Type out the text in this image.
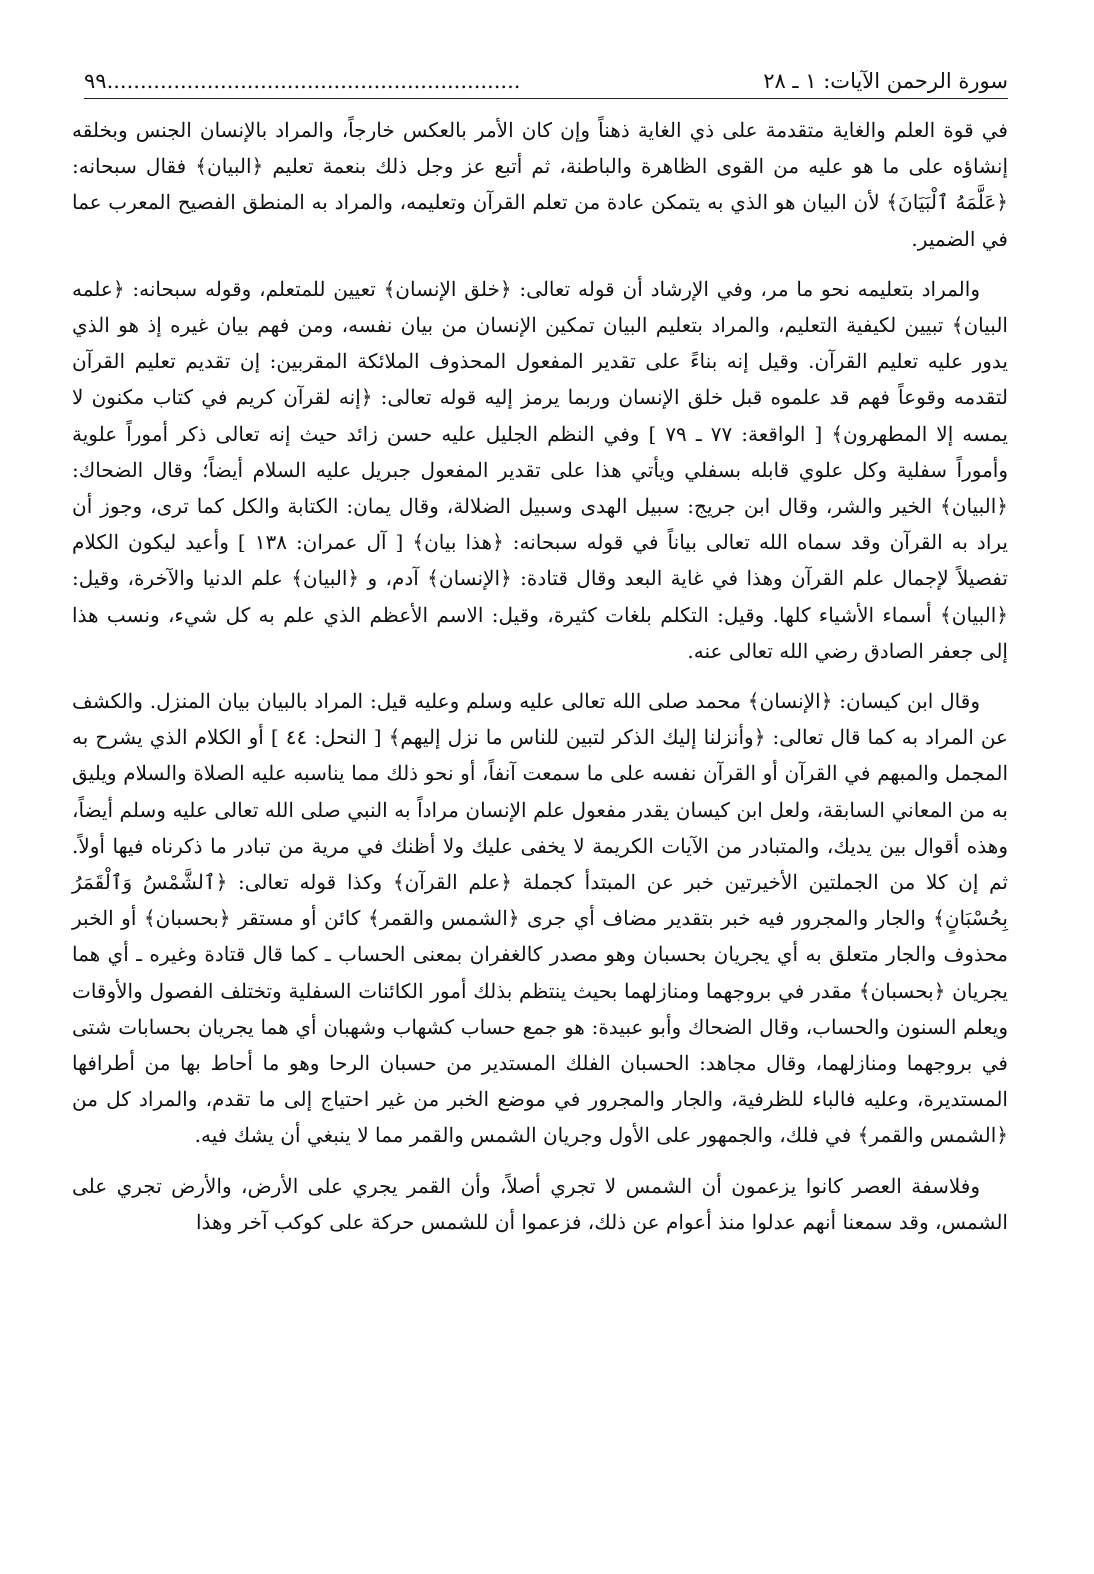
سورة الرحمن الآيات: ١ ـ ٢٨
٩٩..............................................................

في قوة العلم والغاية متقدمة على ذي الغاية ذهناً وإن كان الأمر بالعكس خارجاً، والمراد بالإنسان الجنس وبخلقه إنشاؤه على ما هو عليه من القوى الظاهرة والباطنة، ثم أتبع عز وجل ذلك بنعمة تعليم ﴿البيان﴾ فقال سبحانه: ﴿عَلَّمَهُ ٱلْبَيَانَ﴾ لأن البيان هو الذي به يتمكن عادة من تعلم القرآن وتعليمه، والمراد به المنطق الفصيح المعرب عما في الضمير.

والمراد بتعليمه نحو ما مر، وفي الإرشاد أن قوله تعالى: ﴿خلق الإنسان﴾ تعيين للمتعلم، وقوله سبحانه: ﴿علمه البيان﴾ تبيين لكيفية التعليم، والمراد بتعليم البيان تمكين الإنسان من بيان نفسه، ومن فهم بيان غيره إذ هو الذي يدور عليه تعليم القرآن. وقيل إنه بناءً على تقدير المفعول المحذوف الملائكة المقربين: إن تقديم تعليم القرآن لتقدمه وقوعاً فهم قد علموه قبل خلق الإنسان وربما يرمز إليه قوله تعالى: ﴿إنه لقرآن كريم في كتاب مكنون لا يمسه إلا المطهرون﴾ [ الواقعة: ٧٧ ـ ٧٩ ] وفي النظم الجليل عليه حسن زائد حيث إنه تعالى ذكر أموراً علوية وأموراً سفلية وكل علوي قابله بسفلي ويأتي هذا على تقدير المفعول جبريل عليه السلام أيضاً؛ وقال الضحاك: ﴿البيان﴾ الخير والشر، وقال ابن جريج: سبيل الهدى وسبيل الضلالة، وقال يمان: الكتابة والكل كما ترى، وجوز أن يراد به القرآن وقد سماه الله تعالى بياناً في قوله سبحانه: ﴿هذا بيان﴾ [ آل عمران: ١٣٨ ] وأعيد ليكون الكلام تفصيلاً لإجمال علم القرآن وهذا في غاية البعد وقال قتادة: ﴿الإنسان﴾ آدم، و ﴿البيان﴾ علم الدنيا والآخرة، وقيل: ﴿البيان﴾ أسماء الأشياء كلها. وقيل: التكلم بلغات كثيرة، وقيل: الاسم الأعظم الذي علم به كل شيء، ونسب هذا إلى جعفر الصادق رضي الله تعالى عنه.

وقال ابن كيسان: ﴿الإنسان﴾ محمد صلى الله تعالى عليه وسلم وعليه قيل: المراد بالبيان بيان المنزل. والكشف عن المراد به كما قال تعالى: ﴿وأنزلنا إليك الذكر لتبين للناس ما نزل إليهم﴾ [ النحل: ٤٤ ] أو الكلام الذي يشرح به المجمل والمبهم في القرآن أو القرآن نفسه على ما سمعت آنفاً، أو نحو ذلك مما يناسبه عليه الصلاة والسلام ويليق به من المعاني السابقة، ولعل ابن كيسان يقدر مفعول علم الإنسان مراداً به النبي صلى الله تعالى عليه وسلم أيضاً، وهذه أقوال بين يديك، والمتبادر من الآيات الكريمة لا يخفى عليك ولا أظنك في مرية من تبادر ما ذكرناه فيها أولاً. ثم إن كلا من الجملتين الأخيرتين خبر عن المبتدأ كجملة ﴿علم القرآن﴾ وكذا قوله تعالى: ﴿ٱلشَّمْسُ وَٱلْقَمَرُ بِحُسْبَانٍ﴾ والجار والمجرور فيه خبر بتقدير مضاف أي جرى ﴿الشمس والقمر﴾ كائن أو مستقر ﴿بحسبان﴾ أو الخبر محذوف والجار متعلق به أي يجريان بحسبان وهو مصدر كالغفران بمعنى الحساب ـ كما قال قتادة وغيره ـ أي هما يجريان ﴿بحسبان﴾ مقدر في بروجهما ومنازلهما بحيث ينتظم بذلك أمور الكائنات السفلية وتختلف الفصول والأوقات ويعلم السنون والحساب، وقال الضحاك وأبو عبيدة: هو جمع حساب كشهاب وشهبان أي هما يجريان بحسابات شتى في بروجهما ومنازلهما، وقال مجاهد: الحسبان الفلك المستدير من حسبان الرحا وهو ما أحاط بها من أطرافها المستديرة، وعليه فالباء للظرفية، والجار والمجرور في موضع الخبر من غير احتياج إلى ما تقدم، والمراد كل من ﴿الشمس والقمر﴾ في فلك، والجمهور على الأول وجريان الشمس والقمر مما لا ينبغي أن يشك فيه.

وفلاسفة العصر كانوا يزعمون أن الشمس لا تجري أصلاً، وأن القمر يجري على الأرض، والأرض تجري على الشمس، وقد سمعنا أنهم عدلوا منذ أعوام عن ذلك، فزعموا أن للشمس حركة على كوكب آخر وهذا
